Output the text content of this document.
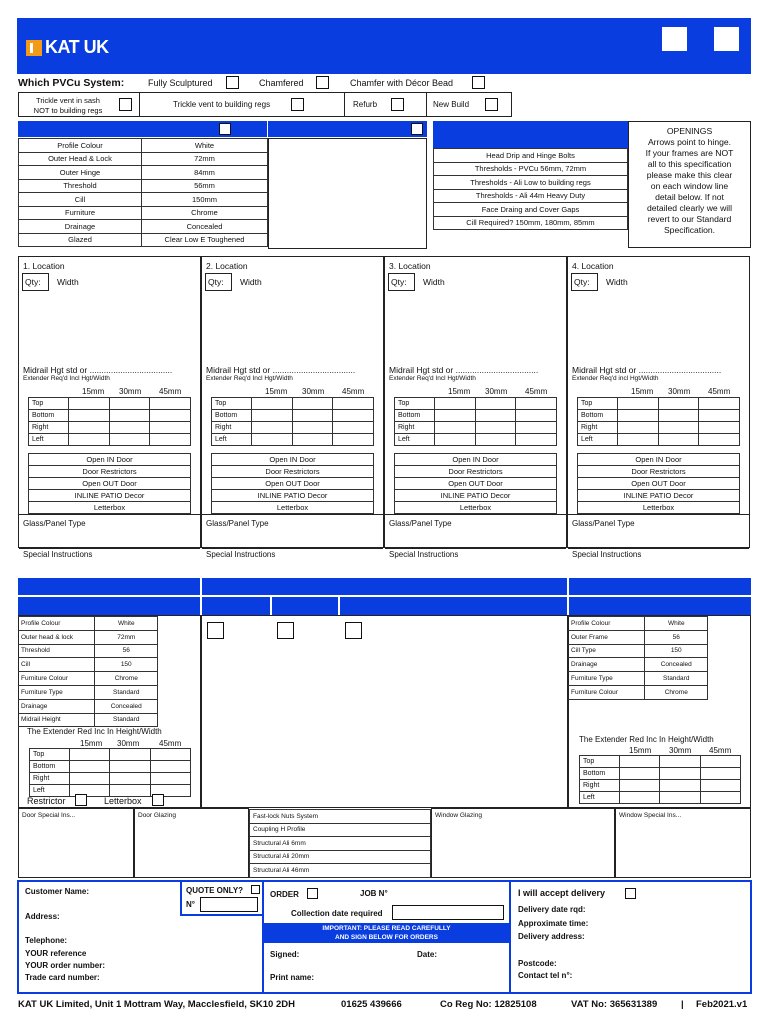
KAT UK
Which PVCu System:	Fully Sculptured	Chamfered	Chamfer with Décor Bead
Trickle vent in sash
NOT to building regs
Trickle vent to building regs	Refurb	New Build
Profile Colour	White
Outer Head & Lock	72mm
Outer Hinge	84mm
Threshold	56mm
Cill	150mm
Furniture	Chrome
Drainage	Concealed
Glazed	Clear Low E Toughened
Head Drip and Hinge Bolts
Thresholds - PVCu 56mm, 72mm
Thresholds - Ali Low to building regs
Thresholds - Ali 44m Heavy Duty
Face Draing and Cover Gaps
Cill Required? 150mm, 180mm, 85mm
OPENINGS
Arrows point to hinge.
If your frames are NOT
all to this specification
please make this clear
on each window line
detail below. If not
detailed clearly we will
revert to our Standard
Specification.
1. Location
Qty: Width
Midrail Hgt std or ...................................
Extender Req'd Incl Hgt/Width
15mm 30mm 45mm
Top			
Bottom			
Right			
Left			
Open IN Door
Door Restrictors
Open OUT Door
INLINE PATIO Decor
Letterbox
Glass/Panel Type
Special Instructions
2. Location
Qty: Width
Midrail Hgt std or ...................................
Extender Req'd Incl Hgt/Width
15mm 30mm 45mm
Top			
Bottom			
Right			
Left			
Open IN Door
Door Restrictors
Open OUT Door
INLINE PATIO Decor
Letterbox
Glass/Panel Type
Special Instructions
3. Location
Qty: Width
Midrail Hgt std or ...................................
Extender Req'd Incl Hgt/Width
15mm 30mm 45mm
Top			
Bottom			
Right			
Left			
Open IN Door
Door Restrictors
Open OUT Door
INLINE PATIO Decor
Letterbox
Glass/Panel Type
Special Instructions
4. Location
Qty: Width
Midrail Hgt std or ...................................
Extender Req'd incl Hgt/Width
15mm 30mm 45mm
Top			
Bottom			
Right			
Left			
Open IN Door
Door Restrictors
Open OUT Door
INLINE PATIO Decor
Letterbox
Glass/Panel Type
Special Instructions
Profile Colour	White
Outer head & lock	72mm
Threshold	56
Cill	150
Furniture Colour	Chrome
Furniture Type	Standard
Drainage	Concealed
Midrail Height	Standard
The Extender Red Inc In Height/Width
15mm 30mm 45mm
Top			
Bottom			
Right			
Left			
Restrictor	Letterbox
Profile Colour	White
Outer Frame	56
Cill Type	150
Drainage	Concealed
Furniture Type	Standard
Furniture Colour	Chrome
The Extender Red Inc In Height/Width
15mm 30mm 45mm
Top			
Bottom			
Right			
Left			
Door Special Ins...	Door Glazing	Fast-lock Nuts System
Coupling H Profile
Structural Ali 6mm
Structural Ali 20mm
Structural Ali 46mm
Window Glazing	Window Special Ins...
Customer Name:
Address:
Telephone:
YOUR reference
YOUR order number:
Trade card number:
QUOTE ONLY?
N°
ORDER	JOB N°
Collection date required
IMPORTANT: PLEASE READ CAREFULLY
AND SIGN BELOW FOR ORDERS
Signed:	Date:
Print name:
I will accept delivery
Delivery date rqd:
Approximate time:
Delivery address:
Postcode:
Contact tel n°:
KAT UK Limited, Unit 1 Mottram Way, Macclesfield, SK10 2DH	01625 439666	Co Reg No: 12825108	VAT No: 365631389	| Feb2021.v1
